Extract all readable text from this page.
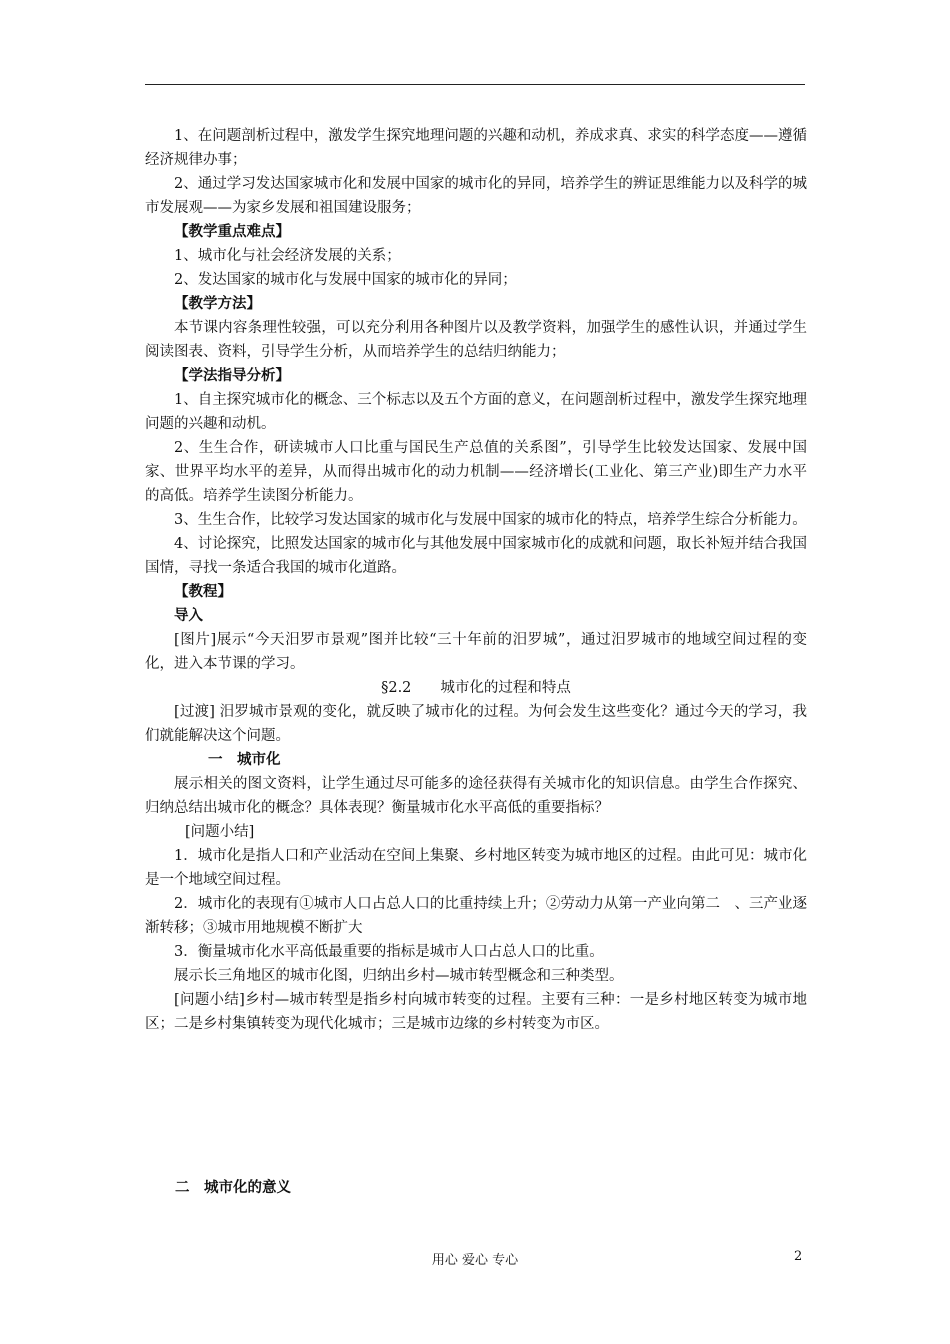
1、在问题剖析过程中，激发学生探究地理问题的兴趣和动机，养成求真、求实的科学态度——遵循经济规律办事；

2、通过学习发达国家城市化和发展中国家的城市化的异同，培养学生的辨证思维能力以及科学的城市发展观——为家乡发展和祖国建设服务；

【教学重点难点】

1、城市化与社会经济发展的关系；

2、发达国家的城市化与发展中国家的城市化的异同；

【教学方法】

本节课内容条理性较强，可以充分利用各种图片以及教学资料，加强学生的感性认识，并通过学生阅读图表、资料，引导学生分析，从而培养学生的总结归纳能力；

【学法指导分析】

1、自主探究城市化的概念、三个标志以及五个方面的意义，在问题剖析过程中，激发学生探究地理问题的兴趣和动机。

2、生生合作，研读城市人口比重与国民生产总值的关系图”，引导学生比较发达国家、发展中国家、世界平均水平的差异，从而得出城市化的动力机制——经济增长(工业化、第三产业)即生产力水平的高低。培养学生读图分析能力。

3、生生合作，比较学习发达国家的城市化与发展中国家的城市化的特点，培养学生综合分析能力。

4、讨论探究，比照发达国家的城市化与其他发展中国家城市化的成就和问题，取长补短并结合我国国情，寻找一条适合我国的城市化道路。

【教程】

导入

[图片]展示“今天汨罗市景观”图并比较“三十年前的汨罗城”，通过汨罗城市的地域空间过程的变化，进入本节课的学习。

§2.2　　城市化的过程和特点

[过渡] 汨罗城市景观的变化，就反映了城市化的过程。为何会发生这些变化？通过今天的学习，我们就能解决这个问题。

一　城市化

展示相关的图文资料，让学生通过尽可能多的途径获得有关城市化的知识信息。由学生合作探究、归纳总结出城市化的概念？具体表现？衡量城市化水平高低的重要指标？

[问题小结]

1．城市化是指人口和产业活动在空间上集聚、乡村地区转变为城市地区的过程。由此可见：城市化是一个地域空间过程。

2．城市化的表现有①城市人口占总人口的比重持续上升；②劳动力从第一产业向第二　、三产业逐渐转移；③城市用地规模不断扩大

3．衡量城市化水平高低最重要的指标是城市人口占总人口的比重。

展示长三角地区的城市化图，归纳出乡村—城市转型概念和三种类型。

[问题小结]乡村—城市转型是指乡村向城市转变的过程。主要有三种：一是乡村地区转变为城市地区；二是乡村集镇转变为现代化城市；三是城市边缘的乡村转变为市区。

二　城市化的意义
用心 爱心 专心	2
